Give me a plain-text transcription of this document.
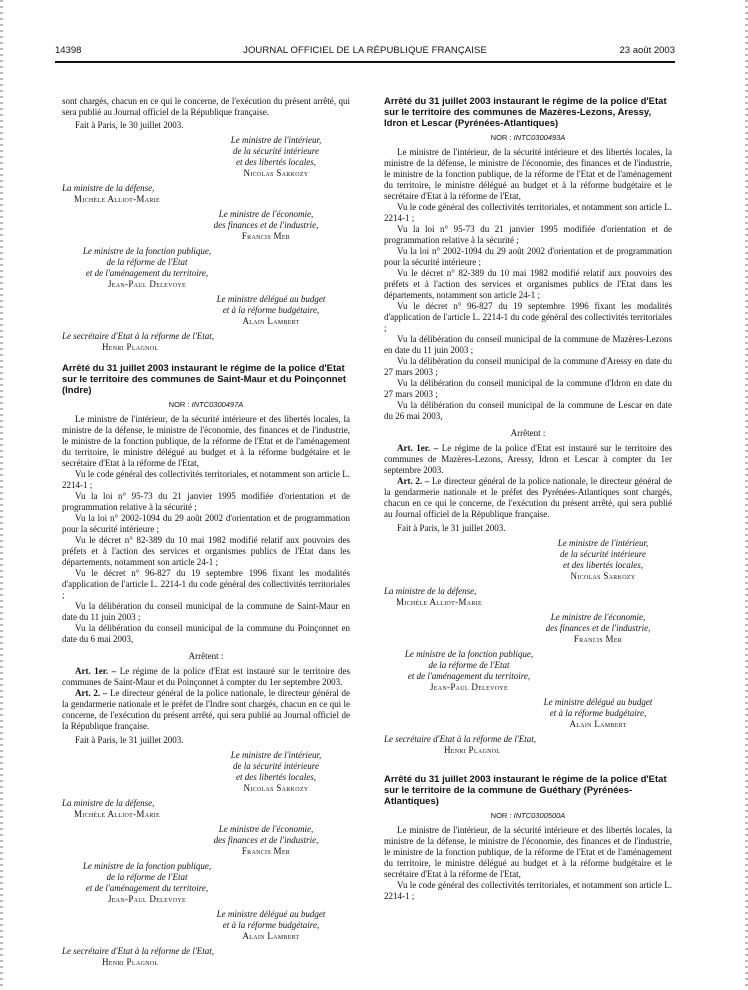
14398	JOURNAL OFFICIEL DE LA RÉPUBLIQUE FRANÇAISE	23 août 2003

sont chargés, chacun en ce qui le concerne, de l'exécution du présent arrêté, qui sera publié au Journal officiel de la République française.

Fait à Paris, le 30 juillet 2003.

Le ministre de l'intérieur,
de la sécurité intérieure
et des libertés locales,
Nicolas Sarkozy
La ministre de la défense,
Michèle Alliot-Marie
Le ministre de l'économie,
des finances et de l'industrie,
Francis Mer
Le ministre de la fonction publique,
de la réforme de l'Etat
et de l'aménagement du territoire,
Jean-Paul Delevoye
Le ministre délégué au budget
et à la réforme budgétaire,
Alain Lambert
Le secrétaire d'Etat à la réforme de l'Etat,
Henri Plagnol

Arrêté du 31 juillet 2003 instaurant le régime de la police d'Etat sur le territoire des communes de Saint-Maur et du Poinçonnet (Indre)

NOR : INTC0300497A

Le ministre de l'intérieur, de la sécurité intérieure et des libertés locales, la ministre de la défense, le ministre de l'économie, des finances et de l'industrie, le ministre de la fonction publique, de la réforme de l'Etat et de l'aménagement du territoire, le ministre délégué au budget et à la réforme budgétaire et le secrétaire d'Etat à la réforme de l'Etat,

Vu le code général des collectivités territoriales, et notamment son article L. 2214-1 ;

Vu la loi n° 95-73 du 21 janvier 1995 modifiée d'orientation et de programmation relative à la sécurité ;

Vu la loi n° 2002-1094 du 29 août 2002 d'orientation et de programmation pour la sécurité intérieure ;

Vu le décret n° 82-389 du 10 mai 1982 modifié relatif aux pouvoirs des préfets et à l'action des services et organismes publics de l'Etat dans les départements, notamment son article 24-1 ;

Vu le décret n° 96-827 du 19 septembre 1996 fixant les modalités d'application de l'article L. 2214-1 du code général des collectivités territoriales ;

Vu la délibération du conseil municipal de la commune de Saint-Maur en date du 11 juin 2003 ;

Vu la délibération du conseil municipal de la commune du Poinçonnet en date du 6 mai 2003,

Arrêtent :

Art. 1er. – Le régime de la police d'Etat est instauré sur le territoire des communes de Saint-Maur et du Poinçonnet à compter du 1er septembre 2003.

Art. 2. – Le directeur général de la police nationale, le directeur général de la gendarmerie nationale et le préfet de l'Indre sont chargés, chacun en ce qui le concerne, de l'exécution du présent arrêté, qui sera publié au Journal officiel de la République française.

Fait à Paris, le 31 juillet 2003.

Le ministre de l'intérieur,
de la sécurité intérieure
et des libertés locales,
Nicolas Sarkozy
La ministre de la défense,
Michèle Alliot-Marie
Le ministre de l'économie,
des finances et de l'industrie,
Francis Mer
Le ministre de la fonction publique,
de la réforme de l'Etat
et de l'aménagement du territoire,
Jean-Paul Delevoye
Le ministre délégué au budget
et à la réforme budgétaire,
Alain Lambert
Le secrétaire d'Etat à la réforme de l'Etat,
Henri Plagnol

Arrêté du 31 juillet 2003 instaurant le régime de la police d'Etat sur le territoire des communes de Mazères-Lezons, Aressy, Idron et Lescar (Pyrénées-Atlantiques)

NOR : INTC0300493A

Le ministre de l'intérieur, de la sécurité intérieure et des libertés locales, la ministre de la défense, le ministre de l'économie, des finances et de l'industrie, le ministre de la fonction publique, de la réforme de l'Etat et de l'aménagement du territoire, le ministre délégué au budget et à la réforme budgétaire et le secrétaire d'Etat à la réforme de l'Etat,

Vu le code général des collectivités territoriales, et notamment son article L. 2214-1 ;

Vu la loi n° 95-73 du 21 janvier 1995 modifiée d'orientation et de programmation relative à la sécurité ;

Vu la loi n° 2002-1094 du 29 août 2002 d'orientation et de programmation pour la sécurité intérieure ;

Vu le décret n° 82-389 du 10 mai 1982 modifié relatif aux pouvoirs des préfets et à l'action des services et organismes publics de l'Etat dans les départements, notamment son article 24-1 ;

Vu le décret n° 96-827 du 19 septembre 1996 fixant les modalités d'application de l'article L. 2214-1 du code général des collectivités territoriales ;

Vu la délibération du conseil municipal de la commune de Mazères-Lezons en date du 11 juin 2003 ;

Vu la délibération du conseil municipal de la commune d'Aressy en date du 27 mars 2003 ;

Vu la délibération du conseil municipal de la commune d'Idron en date du 27 mars 2003 ;

Vu la délibération du conseil municipal de la commune de Lescar en date du 26 mai 2003,

Arrêtent :

Art. 1er. – Le régime de la police d'Etat est instauré sur le territoire des communes de Mazères-Lezons, Aressy, Idron et Lescar à compter du 1er septembre 2003.

Art. 2. – Le directeur général de la police nationale, le directeur général de la gendarmerie nationale et le préfet des Pyrénées-Atlantiques sont chargés, chacun en ce qui le concerne, de l'exécution du présent arrêté, qui sera publié au Journal officiel de la République française.

Fait à Paris, le 31 juillet 2003.

Le ministre de l'intérieur,
de la sécurité intérieure
et des libertés locales,
Nicolas Sarkozy
La ministre de la défense,
Michèle Alliot-Marie
Le ministre de l'économie,
des finances et de l'industrie,
Francis Mer
Le ministre de la fonction publique,
de la réforme de l'Etat
et de l'aménagement du territoire,
Jean-Paul Delevoye
Le ministre délégué au budget
et à la réforme budgétaire,
Alain Lambert
Le secrétaire d'Etat à la réforme de l'Etat,
Henri Plagnol

Arrêté du 31 juillet 2003 instaurant le régime de la police d'Etat sur le territoire de la commune de Guéthary (Pyrénées-Atlantiques)

NOR : INTC0300500A

Le ministre de l'intérieur, de la sécurité intérieure et des libertés locales, la ministre de la défense, le ministre de l'économie, des finances et de l'industrie, le ministre de la fonction publique, de la réforme de l'Etat et de l'aménagement du territoire, le ministre délégué au budget et à la réforme budgétaire et le secrétaire d'Etat à la réforme de l'Etat,

Vu le code général des collectivités territoriales, et notamment son article L. 2214-1 ;
